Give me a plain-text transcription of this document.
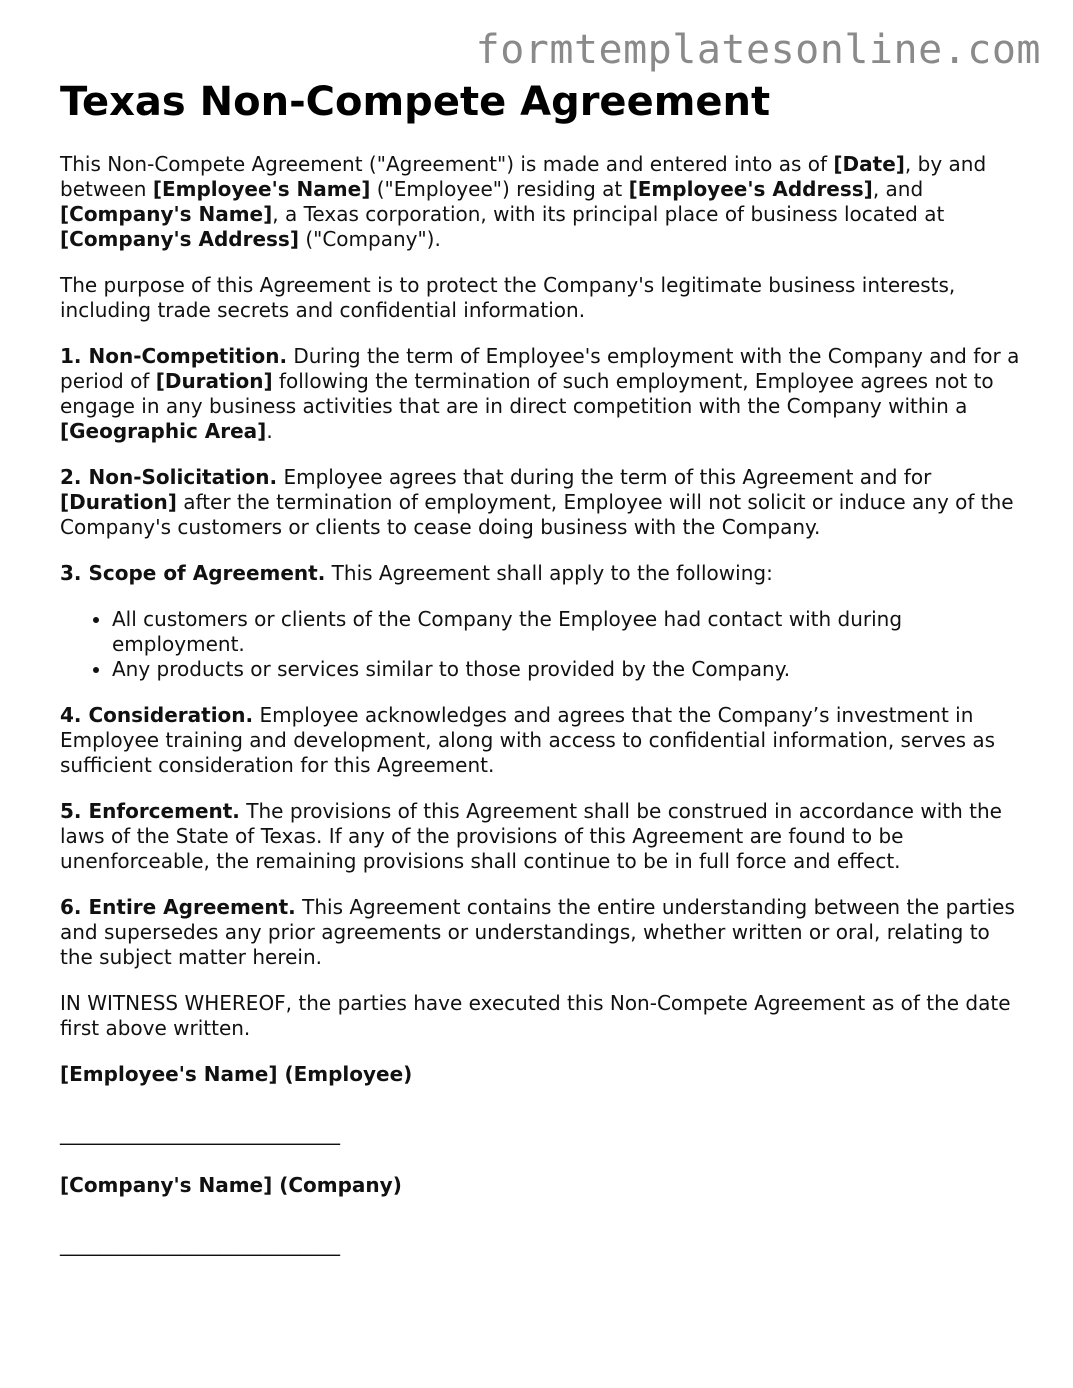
formtemplatesonline.com
Texas Non-Compete Agreement

This Non-Compete Agreement ("Agreement") is made and entered into as of [Date], by and between [Employee's Name] ("Employee") residing at [Employee's Address], and [Company's Name], a Texas corporation, with its principal place of business located at [Company's Address] ("Company").

The purpose of this Agreement is to protect the Company's legitimate business interests, including trade secrets and confidential information.

1. Non-Competition. During the term of Employee's employment with the Company and for a period of [Duration] following the termination of such employment, Employee agrees not to engage in any business activities that are in direct competition with the Company within a [Geographic Area].

2. Non-Solicitation. Employee agrees that during the term of this Agreement and for [Duration] after the termination of employment, Employee will not solicit or induce any of the Company's customers or clients to cease doing business with the Company.

3. Scope of Agreement. This Agreement shall apply to the following:

• All customers or clients of the Company the Employee had contact with during employment.
• Any products or services similar to those provided by the Company.

4. Consideration. Employee acknowledges and agrees that the Company’s investment in Employee training and development, along with access to confidential information, serves as sufficient consideration for this Agreement.

5. Enforcement. The provisions of this Agreement shall be construed in accordance with the laws of the State of Texas. If any of the provisions of this Agreement are found to be unenforceable, the remaining provisions shall continue to be in full force and effect.

6. Entire Agreement. This Agreement contains the entire understanding between the parties and supersedes any prior agreements or understandings, whether written or oral, relating to the subject matter herein.

IN WITNESS WHEREOF, the parties have executed this Non-Compete Agreement as of the date first above written.

[Employee's Name] (Employee)
____________________________
[Company's Name] (Company)
____________________________
